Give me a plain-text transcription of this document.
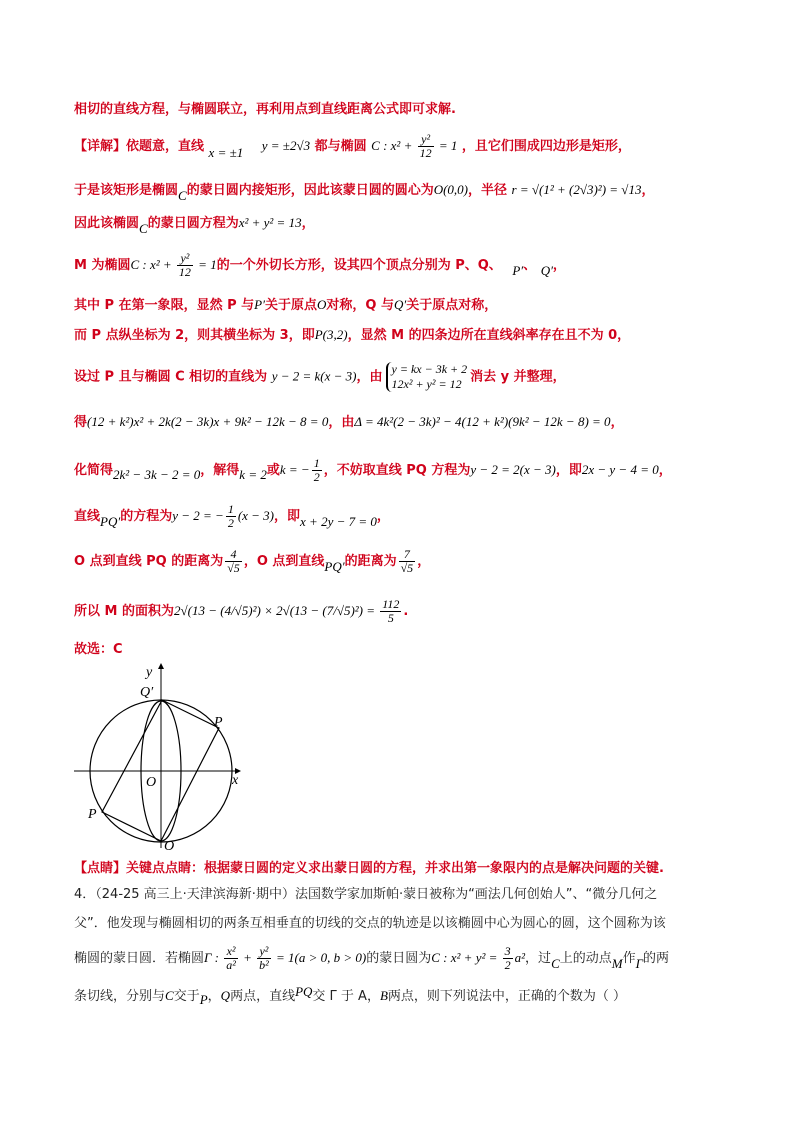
相切的直线方程，与椭圆联立，再利用点到直线距离公式即可求解.
【详解】依题意，直线 x = ±1 y = ±2√3 都与椭圆 C : $x^2 + \frac{\text{y²}}{12} = 1$ ，且它们围成四边形是矩形，
于是该矩形是椭圆C的蒙日圆内接矩形，因此该蒙日圆的圆心为O(0,0)，半径 r = √(1² + (2√3)²) = √13，
因此该椭圆C的蒙日圆方程为x² + y² = 13，
M 为椭圆C : $x^2 + \frac{\text{y²}}{12} = 1$的一个外切长方形，设其四个顶点分别为 P、Q、 P′、 Q′，
其中 P 在第一象限，显然 P 与P′关于原点O对称，Q 与Q′关于原点对称，
而 P 点纵坐标为 2，则其横坐标为 3，即P(3,2)，显然 M 的四条边所在直线斜率存在且不为 0，
设过 P 且与椭圆 C 相切的直线为 y − 2 = k(x − 3)，由
y = kx − 3k + 2
12x² + y² = 12 消去 y 并整理，
得(12 + k²)x² + 2k(2 − 3k)x + 9k² − 12k − 8 = 0，由Δ = 4k²(2 − 3k)² − 4(12 + k²)(9k² − 12k − 8) = 0，
化简得2k² − 3k − 2 = 0，解得k = 2或k = − $\frac{1}{2}$ ，不妨取直线 PQ 方程为y − 2 = 2(x − 3)，即2x − y − 4 = 0，
直线PQ′的方程为y − 2 = − $\frac{1}{2} (x - 3)$，即x + 2y − 7 = 0，
O 点到直线 PQ 的距离为 $\frac{4}{√5}$ ，O 点到直线PQ′的距离为 $\frac{7}{√5}$ ，
所以 M 的面积为$2√(13 - (4/√5)^2) \times 2√(13 - (7/√5)^2) = \frac{112}{5}$ .
故选：C
y
x
O
P
P
Q
Q′
【点睛】关键点点睛：根据蒙日圆的定义求出蒙日圆的方程，并求出第一象限内的点是解决问题的关键.
4．（24-25 高三上·天津滨海新·期中）法国数学家加斯帕·蒙日被称为“画法几何创始人”、“微分几何之
父”．他发现与椭圆相切的两条互相垂直的切线的交点的轨迹是以该椭圆中心为圆心的圆，这个圆称为该
椭圆的蒙日圆．若椭圆Γ : $\frac{\text{x²}}{\text{a²}} + \frac{\text{y²}}{\text{b²}} = 1(a > 0$, b > 0)的蒙日圆为C : $x^2 + y^2 = \frac{3}{2} a^2$，过C上的动点M作Γ的两
条切线，分别与C交于P，Q两点，直线PQ交 Γ 于 A，B两点，则下列说法中，正确的个数为（ ）
